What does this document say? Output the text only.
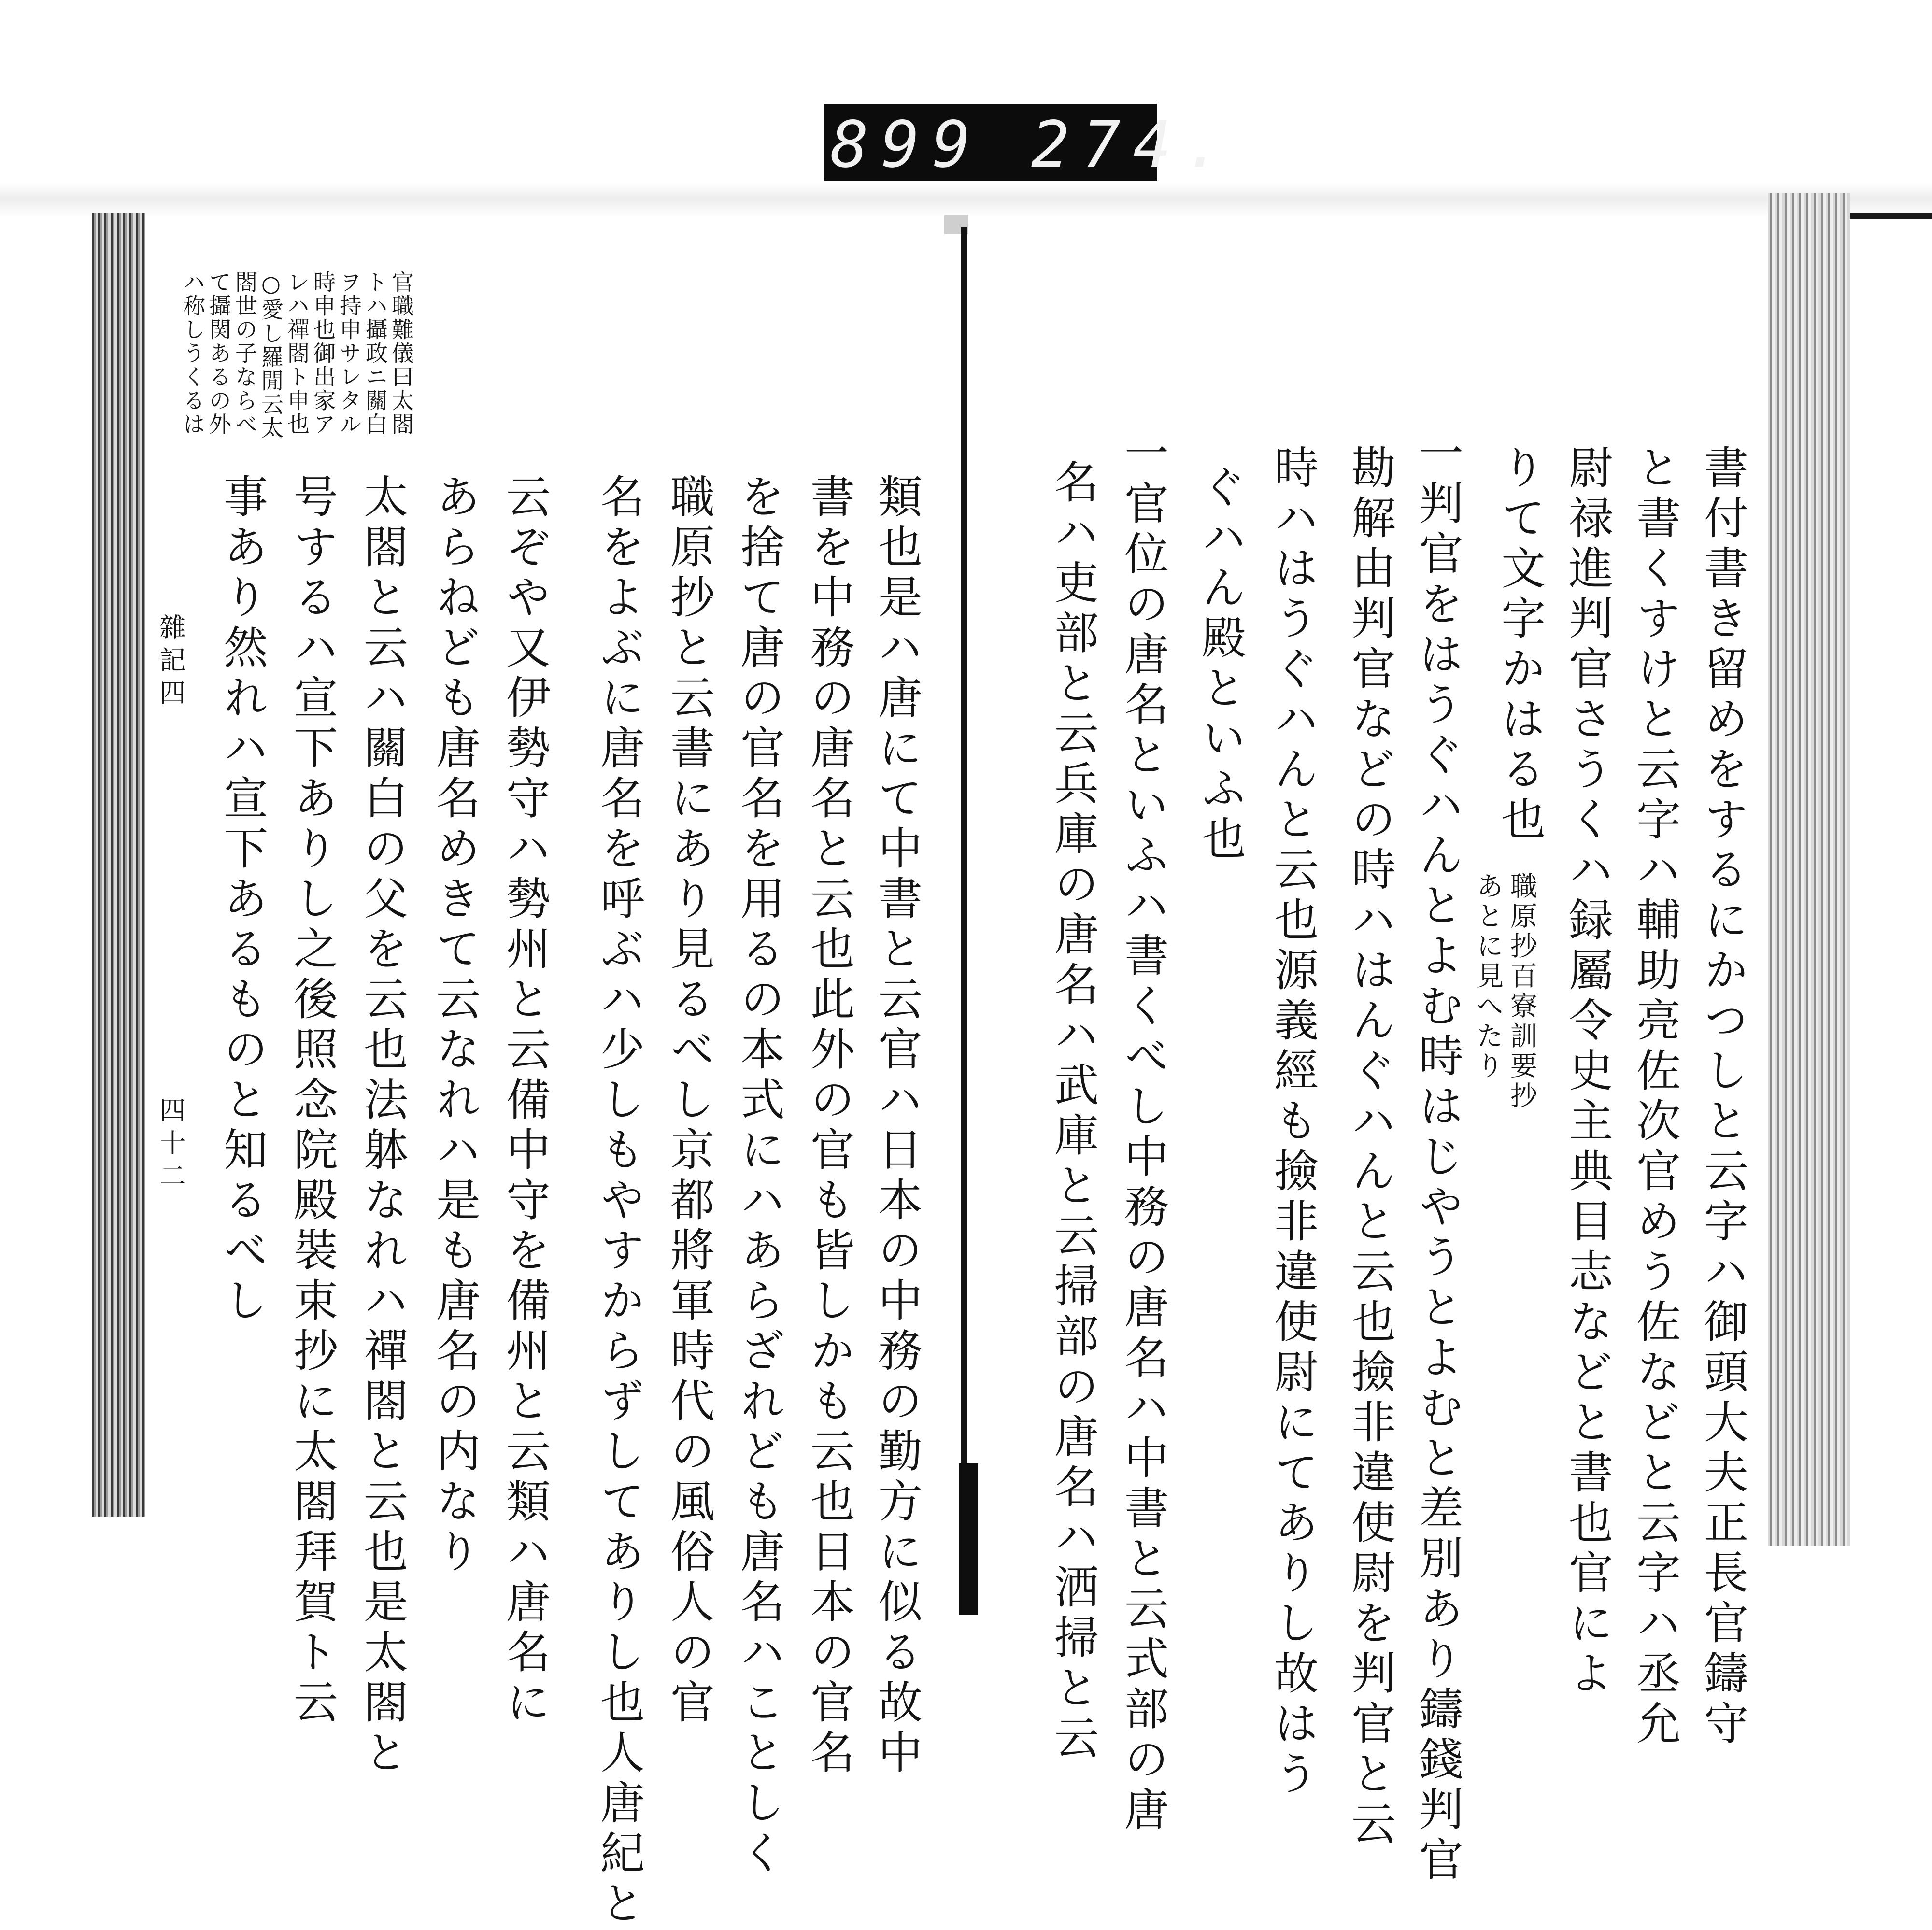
899 274.
書付書き留めをするにかつしと云字ハ御頭大夫正長官鑄守
と書くすけと云字ハ輔助亮佐次官めう佐などと云字ハ丞允
尉禄進判官さうくハ録屬令史主典目志などと書也官によ
りて文字かはる也
職原抄百寮訓要抄
あとに見へたり
一判官をはうぐハんとよむ時はじやうとよむと差別あり鑄錢判官
勘解由判官などの時ハはんぐハんと云也撿非違使尉を判官と云
時ハはうぐハんと云也源義經も撿非違使尉にてありし故はう
ぐハん殿といふ也
一官位の唐名といふハ書くべし中務の唐名ハ中書と云式部の唐
名ハ吏部と云兵庫の唐名ハ武庫と云掃部の唐名ハ洒掃と云
官職難儀曰太閤
トハ攝政ニ關白
ヲ持申サレタル
時申也御出家ア
レハ禪閤ト申也
○愛し羅閒云太
閤世の子ならべ
て攝関あるの外
ハ称しうくるは
類也是ハ唐にて中書と云官ハ日本の中務の勤方に似る故中
書を中務の唐名と云也此外の官も皆しかも云也日本の官名
を捨て唐の官名を用るの本式にハあらざれども唐名ハことしく
職原抄と云書にあり見るべし京都將軍時代の風俗人の官
名をよぶに唐名を呼ぶハ少しもやすからずしてありし也人唐紀と
云ぞや又伊勢守ハ勢州と云備中守を備州と云類ハ唐名に
あらねども唐名めきて云なれハ是も唐名の内なり
太閤と云ハ關白の父を云也法躰なれハ禪閤と云也是太閤と
号するハ宣下ありし之後照念院殿裝束抄に太閤拜賀ト云
事あり然れハ宣下あるものと知るべし
雜記四
四十二
